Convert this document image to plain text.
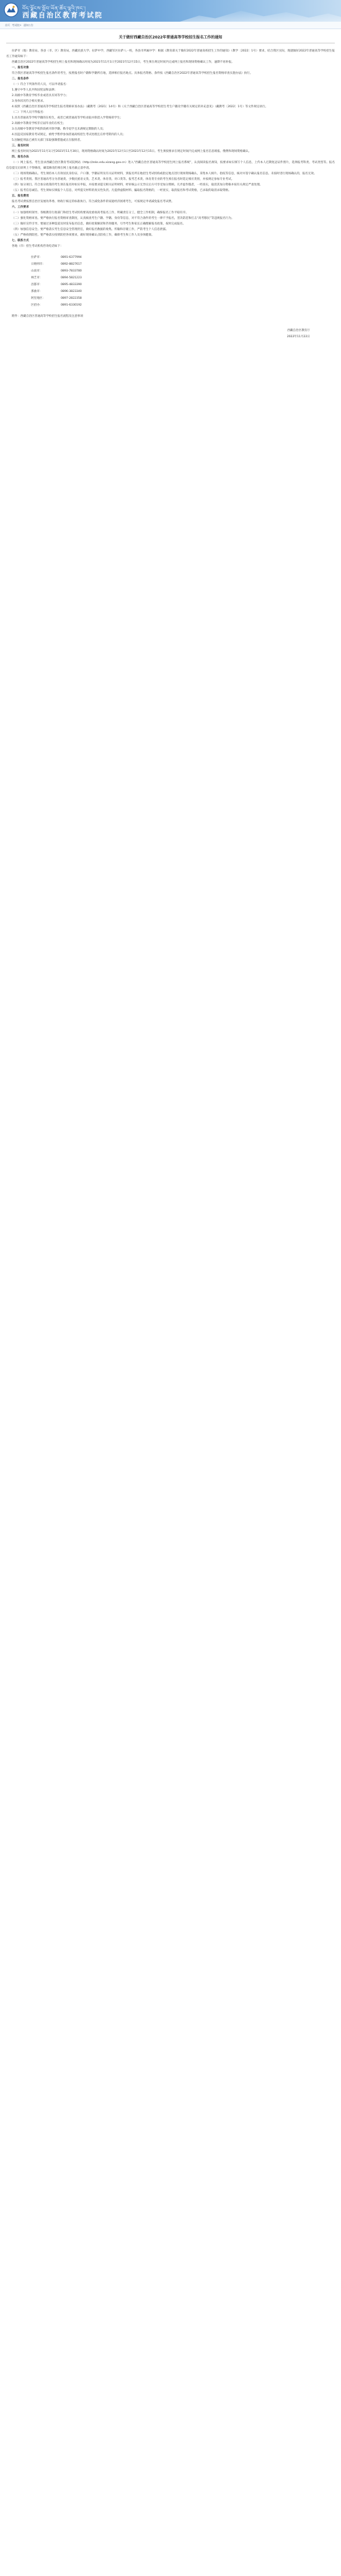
བོད་ལྗོངས་སློབ་ཡོན་ཚོད་ལྟའི་ཁང་།
西藏自治区教育考试院
首页 考试院> 通知公告
关于做好西藏自治区2022年普通高等学校招生报名工作的通知

拉萨市（地）教育局、各县（市、区）教育局，西藏民族大学、拉萨中学，西藏军区拉萨八一校，各县市所属中学：根据《教育部关于做好2022年普通高校招生工作的通知》（教学〔2022〕1号）要求，结合我区实际，现就做好2022年普通高等学校招生报名工作通知如下：

西藏自治区2022年普通高等学校招生网上报名和现场确认时间为2021年11月1日至2021年12月15日，考生须在规定时间内完成网上报名和现场资格确认工作，逾期不再补报。

一、报名对象

符合我区普通高等学校招生报名条件的考生，按照报名时户籍和学籍所在地，选择相应报名地点。具体报名资格、条件按《西藏自治区2022年普通高等学校招生报名资格审查实施办法》执行。

二、报名条件

（一）符合下列条件的人员，可以申请报名：

1.遵守中华人民共和国宪法和法律；

2.高级中等教育学校毕业或者具有同等学力；

3.身体状况符合相关要求。

4.按照《西藏自治区普通高等学校招生报名资格审查办法》（藏教考〔2021〕14号）和《关于西藏自治区普通高等学校招生考生户籍及学籍有关规定的补充意见》（藏教考〔2022〕1号）等文件规定执行。

（二）下列人员不得报名：

1.具有普通高等学校学籍的在校生，或者已被普通高等学校录取并保留入学资格的学生；

2.高级中等教育学校非应届毕业的在校生；

3.在高级中等教育学校阶段被开除学籍、勒令退学且未满规定期限的人员；

4.因违反国家教育考试规定，被给予暂停参加普通高校招生考试处理且在停考期内的人员；

5.因触犯刑法已被有关部门采取强制措施或正在服刑者。

三、报名时间

网上报名时间为2021年11月1日至2021年11月30日，现场资格确认时间为2021年12月1日至2021年12月15日。考生须按要求在规定时间内完成网上报名信息填报、缴费和现场资格确认。

四、报名办法

（一）网上报名。考生登录西藏自治区教育考试院网站（http://zsks.edu.xizang.gov.cn）进入“西藏自治区普通高等学校招生网上报名系统”，认真阅读报名须知，按要求如实填写个人信息，上传本人近期免冠证件照片，选择报考科类、考试类型等。报名信息提交后原则上不得修改，确需修改的须在网上报名截止前申请。

（二）现场资格确认。考生须持本人有效居民身份证、户口簿、学籍证明及有关证明材料，到报名所在地招生考试机构或指定地点进行现场资格确认，采集本人相片、指纹等信息，核对并签字确认报名信息。未按时进行现场确认的，报名无效。

（三）报考类别。我区普通高考分为普通类、少数民族语文类、艺术类、体育类、对口类等。报考艺术类、体育类专业的考生须在报名时选定相应类别，并按规定参加专业考试。

（四）加分项目。符合加分政策的考生须在报名时如实申报，并按要求提交相关证明材料，经审核公示无异议后方可享受加分照顾。凡弄虚作假者，一经查实，取消其加分资格并按有关规定严肃处理。

（五）报考信息诚信。考生须如实填报个人信息，对所提交材料的真实性负责。凡提供虚假材料、骗取报名资格的，一经查实，取消报名和考试资格，已录取的取消录取资格。

五、报名费用

报名考试费按照自治区发展改革委、财政厅核定的标准执行。符合减免条件的家庭经济困难考生，可按规定申请减免报名考试费。

六、工作要求

（一）加强组织领导。各级教育行政部门和招生考试机构要高度重视高考报名工作，明确责任分工，健全工作机制，确保报名工作平稳有序。

（二）强化资格审查。要严格执行报名资格审查制度，认真核查考生户籍、学籍、身份等信息，对不符合条件的考生一律不予报名，坚决防范和打击“高考移民”等违规报名行为。

（三）做好宣传引导。要通过多种渠道及时发布报名信息，做好政策解读和咨询服务，引导考生和家长正确理解报名政策，按时完成报名。

（四）加强信息安全。要严格落实考生信息安全管理责任，做好报名数据的收集、传输和存储工作，严防考生个人信息泄露。

（五）严格疫情防控。要严格落实疫情防控各项要求，做好现场确认点防疫工作，确保考生和工作人员身体健康。

七、联系方式

各地（市）招生考试机构咨询电话如下：

拉萨市：	0891-6377994
日喀则市：	0892-8827617
山南市：	0893-7833780
林芝市：	0894-5821223
昌都市：	0895-4833390
那曲市：	0896-3823340
阿里地区：	0897-2822358
区招办：	0891-6330192

附件：西藏自治区普通高等学校招生报名流程及注意事项

西藏自治区教育厅
2022年11月22日
